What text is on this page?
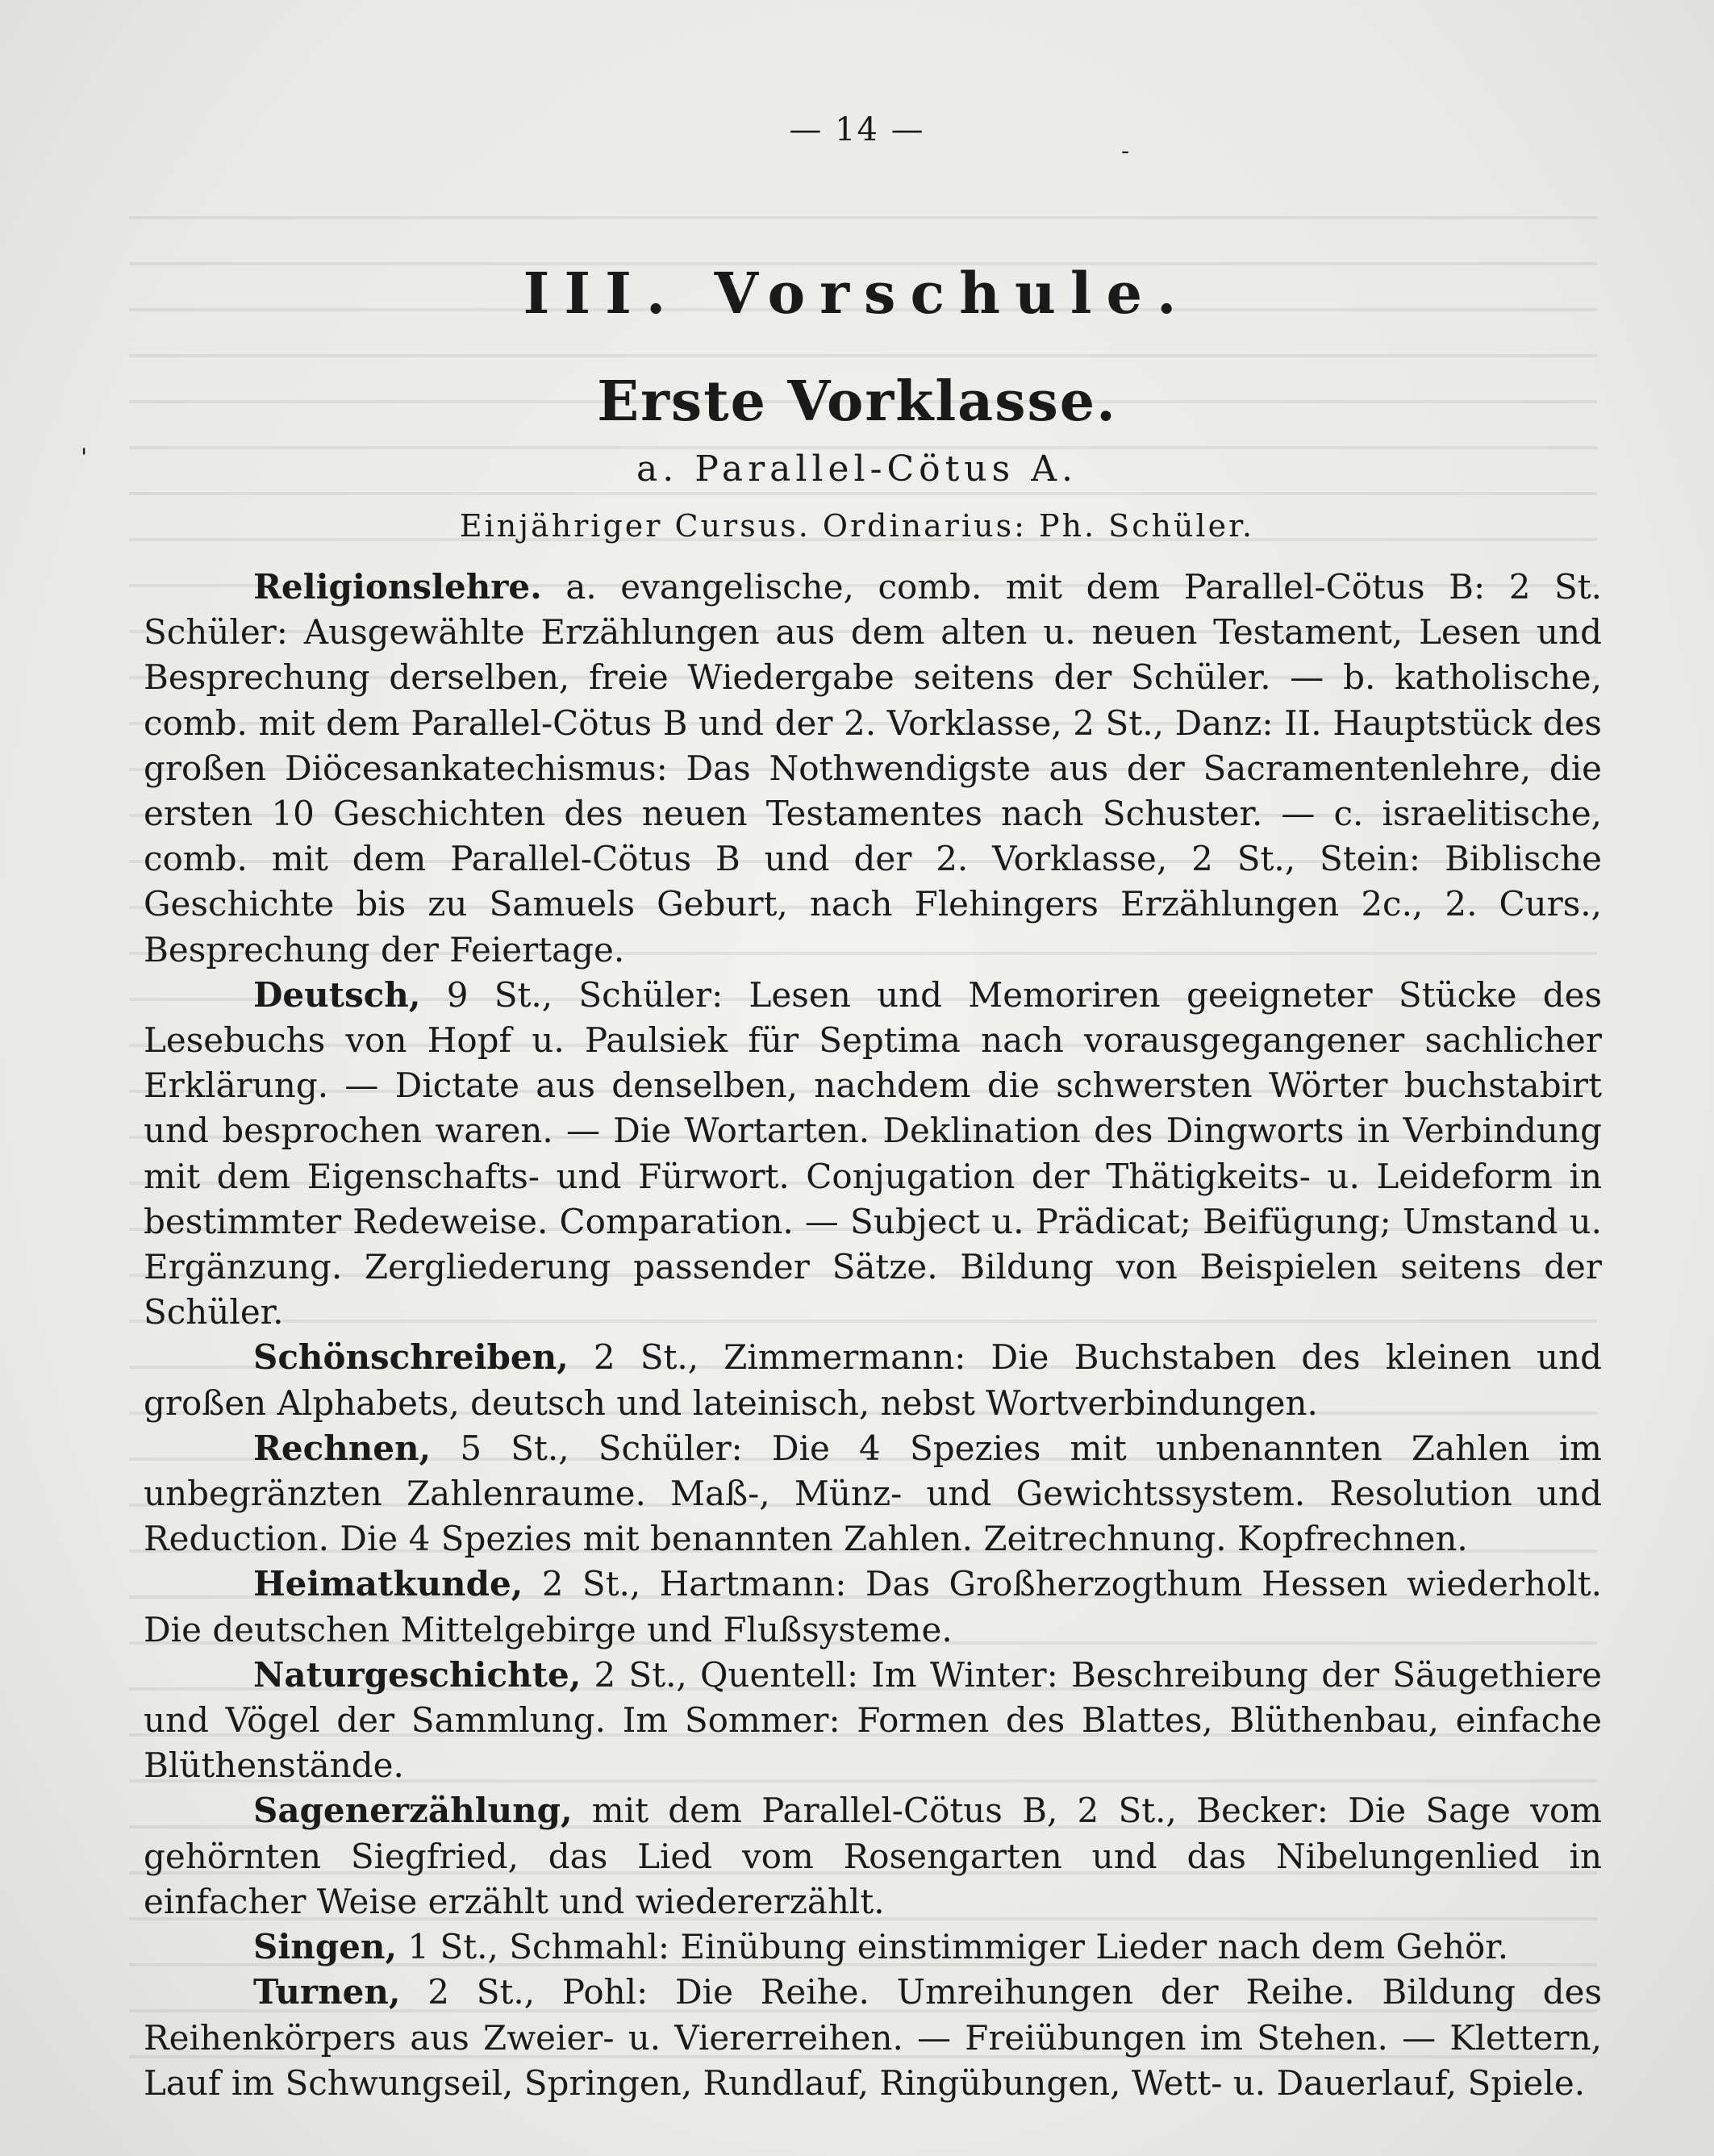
— 14 —
‑
'
III. Vorschule.
Erste Vorklasse.
a. Parallel-Cötus A.
Einjähriger Cursus. Ordinarius: Ph. Schüler.

Religionslehre. a. evangelische, comb. mit dem Parallel-Cötus B: 2 St. Schüler: Ausgewählte Erzählungen aus dem alten u. neuen Testament, Lesen und Besprechung derselben, freie Wiedergabe seitens der Schüler. — b. katholische, comb. mit dem Parallel-Cötus B und der 2. Vorklasse, 2 St., Danz: II. Hauptstück des großen Diöcesankatechismus: Das Nothwendigste aus der Sacramentenlehre, die ersten 10 Geschichten des neuen Testamentes nach Schuster. — c. israelitische, comb. mit dem Parallel-Cötus B und der 2. Vorklasse, 2 St., Stein: Biblische Geschichte bis zu Samuels Geburt, nach Flehingers Erzählungen 2c., 2. Curs., Besprechung der Feiertage.

Deutsch, 9 St., Schüler: Lesen und Memoriren geeigneter Stücke des Lesebuchs von Hopf u. Paulsiek für Septima nach vorausgegangener sachlicher Erklärung. — Dictate aus denselben, nachdem die schwersten Wörter buchstabirt und besprochen waren. — Die Wortarten. Deklination des Dingworts in Verbindung mit dem Eigenschafts- und Fürwort. Conjugation der Thätigkeits- u. Leideform in bestimmter Redeweise. Comparation. — Subject u. Prädicat; Beifügung; Umstand u. Ergänzung. Zergliederung passender Sätze. Bildung von Beispielen seitens der Schüler.

Schönschreiben, 2 St., Zimmermann: Die Buchstaben des kleinen und großen Alphabets, deutsch und lateinisch, nebst Wortverbindungen.

Rechnen, 5 St., Schüler: Die 4 Spezies mit unbenannten Zahlen im unbegränzten Zahlenraume. Maß-, Münz- und Gewichtssystem. Resolution und Reduction. Die 4 Spezies mit benannten Zahlen. Zeitrechnung. Kopfrechnen.

Heimatkunde, 2 St., Hartmann: Das Großherzogthum Hessen wiederholt. Die deutschen Mittelgebirge und Flußsysteme.

Naturgeschichte, 2 St., Quentell: Im Winter: Beschreibung der Säugethiere und Vögel der Sammlung. Im Sommer: Formen des Blattes, Blüthenbau, einfache Blüthenstände.

Sagenerzählung, mit dem Parallel-Cötus B, 2 St., Becker: Die Sage vom gehörnten Siegfried, das Lied vom Rosengarten und das Nibelungenlied in einfacher Weise erzählt und wiedererzählt.

Singen, 1 St., Schmahl: Einübung einstimmiger Lieder nach dem Gehör.

Turnen, 2 St., Pohl: Die Reihe. Umreihungen der Reihe. Bildung des Reihenkörpers aus Zweier- u. Viererreihen. — Freiübungen im Stehen. — Klettern, Lauf im Schwungseil, Springen, Rundlauf, Ringübungen, Wett- u. Dauerlauf, Spiele.
